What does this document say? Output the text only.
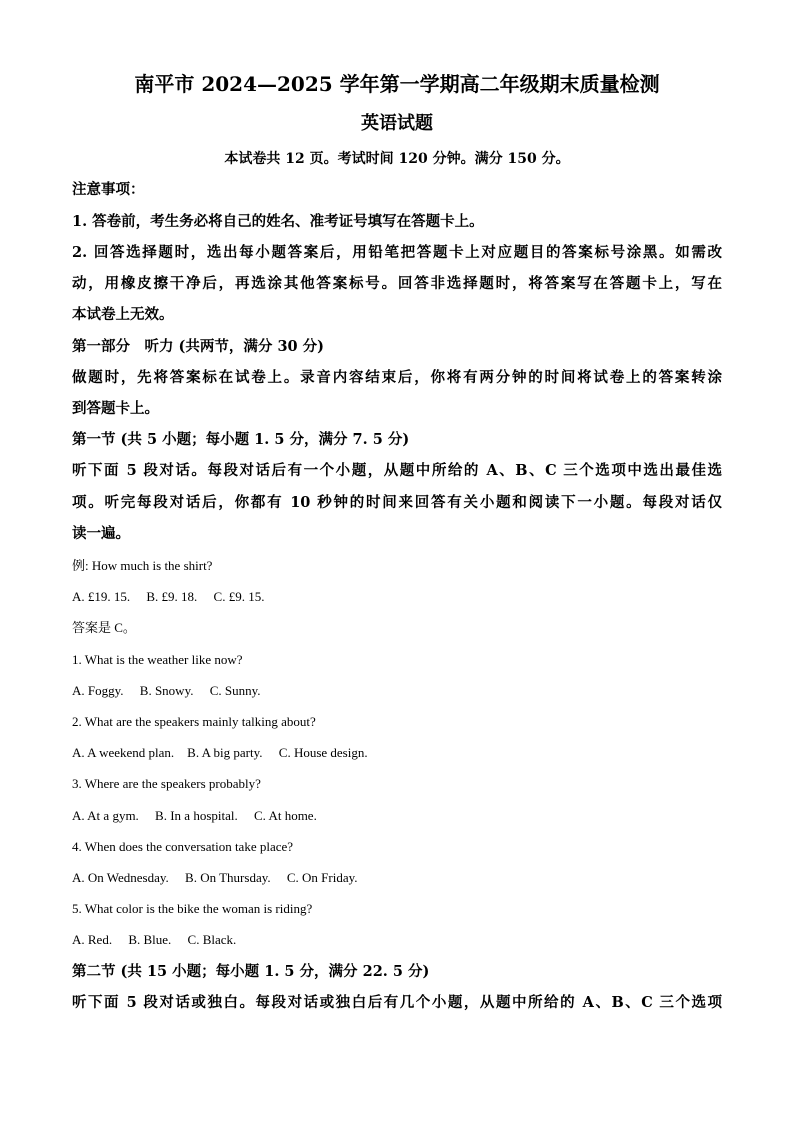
南平市 2024—2025 学年第一学期高二年级期末质量检测
英语试题
本试卷共 12 页。考试时间 120 分钟。满分 150 分。
注意事项：
1. 答卷前，考生务必将自己的姓名、准考证号填写在答题卡上。
2. 回答选择题时，选出每小题答案后，用铅笔把答题卡上对应题目的答案标号涂黑。如需改
动，用橡皮擦干净后，再选涂其他答案标号。回答非选择题时，将答案写在答题卡上，写在
本试卷上无效。
第一部分　听力 (共两节，满分 30 分)
做题时，先将答案标在试卷上。录音内容结束后，你将有两分钟的时间将试卷上的答案转涂
到答题卡上。
第一节 (共 5 小题；每小题 1. 5 分，满分 7. 5 分)
听下面 5 段对话。每段对话后有一个小题，从题中所给的 A、B、C 三个选项中选出最佳选
项。听完每段对话后，你都有 10 秒钟的时间来回答有关小题和阅读下一小题。每段对话仅
读一遍。
例: How much is the shirt?
A. £19. 15.　 B. £9. 18.　 C. £9. 15.
答案是 C。
1. What is the weather like now?
A. Foggy.　 B. Snowy.　 C. Sunny.
2. What are the speakers mainly talking about?
A. A weekend plan.　B. A big party.　 C. House design.
3. Where are the speakers probably?
A. At a gym.　 B. In a hospital.　 C. At home.
4. When does the conversation take place?
A. On Wednesday.　 B. On Thursday.　 C. On Friday.
5. What color is the bike the woman is riding?
A. Red.　 B. Blue.　 C. Black.
第二节 (共 15 小题；每小题 1. 5 分，满分 22. 5 分)
听下面 5 段对话或独白。每段对话或独白后有几个小题，从题中所给的 A、B、C 三个选项
